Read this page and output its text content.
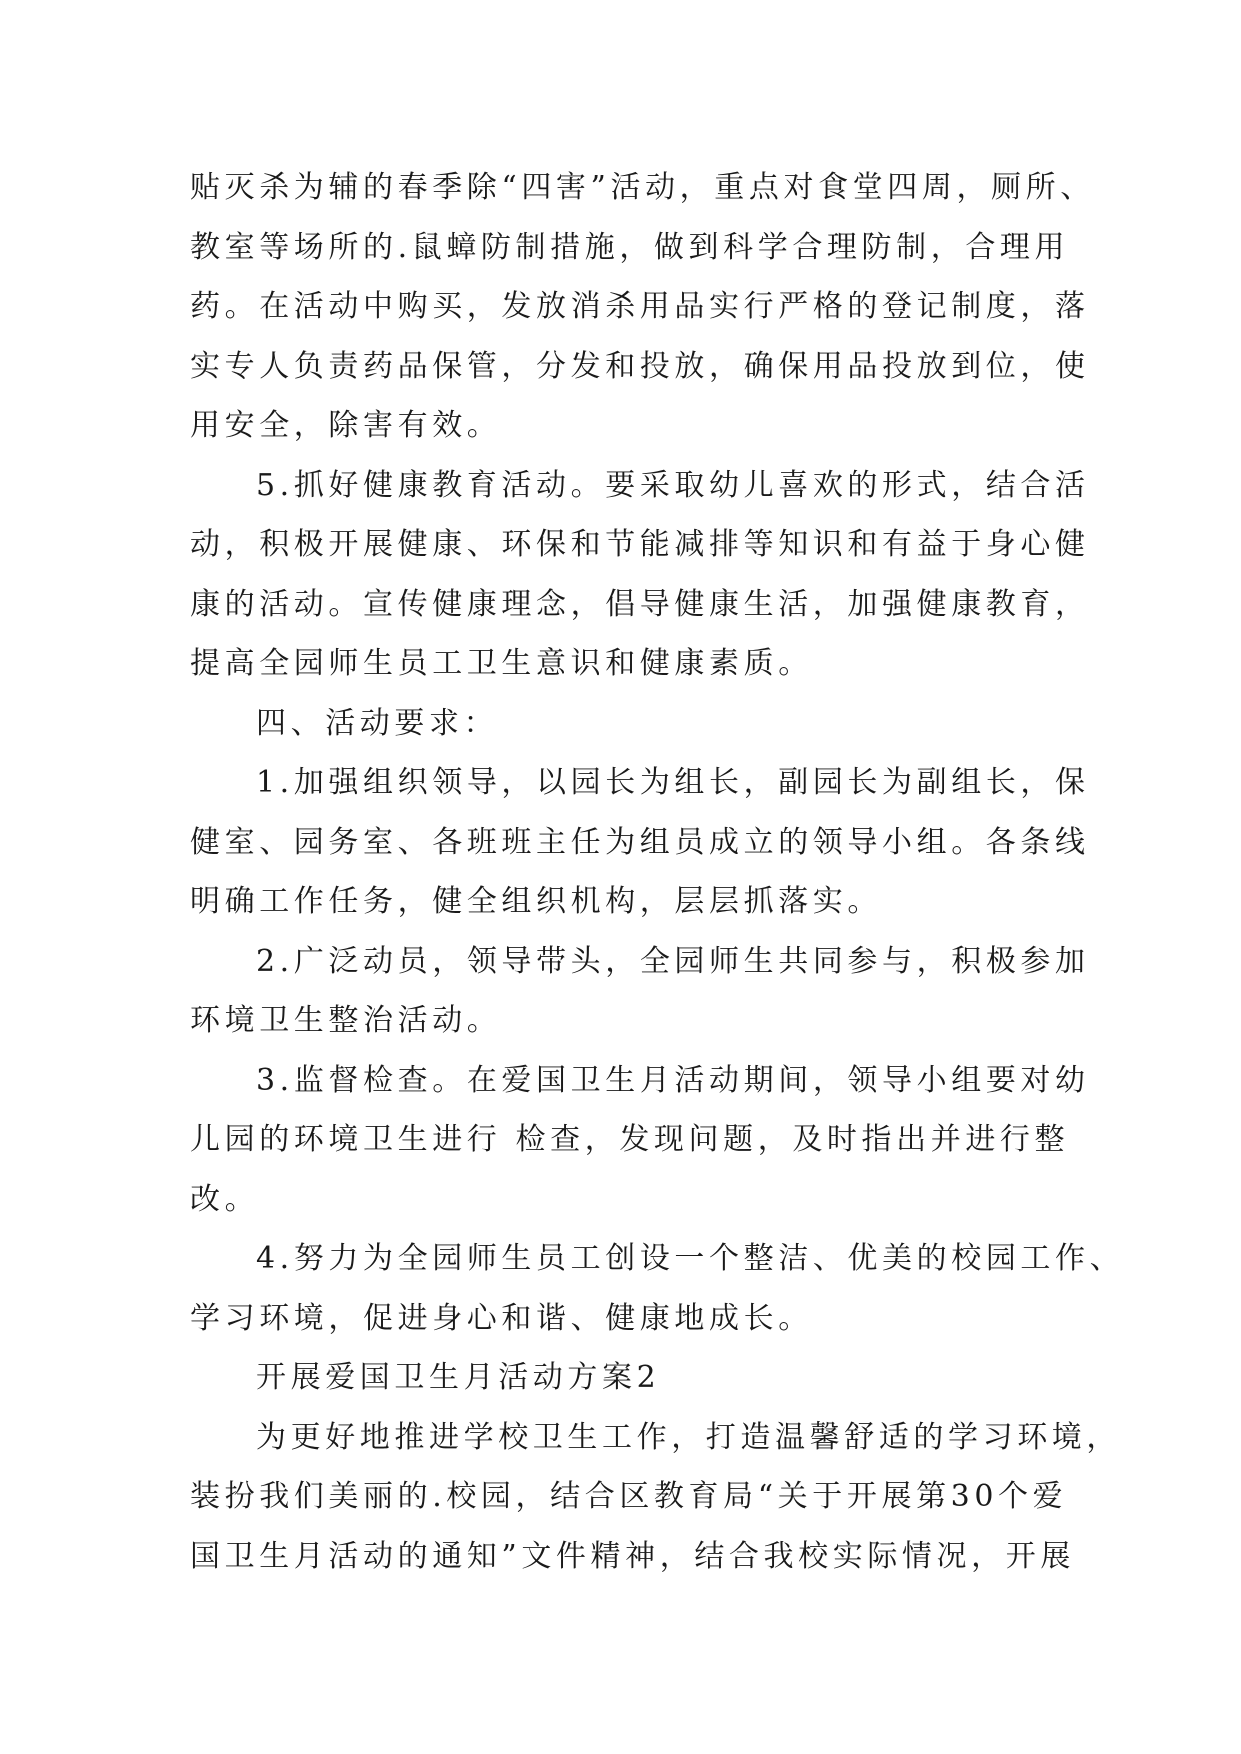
贴灭杀为辅的春季除“四害”活动，重点对食堂四周，厕所、
教室等场所的.鼠蟑防制措施，做到科学合理防制，合理用
药。在活动中购买，发放消杀用品实行严格的登记制度，落
实专人负责药品保管，分发和投放，确保用品投放到位，使
用安全，除害有效。
5.抓好健康教育活动。要采取幼儿喜欢的形式，结合活
动，积极开展健康、环保和节能减排等知识和有益于身心健
康的活动。宣传健康理念，倡导健康生活，加强健康教育，
提高全园师生员工卫生意识和健康素质。
四、活动要求：
1.加强组织领导，以园长为组长，副园长为副组长，保
健室、园务室、各班班主任为组员成立的领导小组。各条线
明确工作任务，健全组织机构，层层抓落实。
2.广泛动员，领导带头，全园师生共同参与，积极参加
环境卫生整治活动。
3.监督检查。在爱国卫生月活动期间，领导小组要对幼
儿园的环境卫生进行 检查，发现问题，及时指出并进行整
改。
4.努力为全园师生员工创设一个整洁、优美的校园工作、
学习环境，促进身心和谐、健康地成长。
开展爱国卫生月活动方案2
为更好地推进学校卫生工作，打造温馨舒适的学习环境，
装扮我们美丽的.校园，结合区教育局“关于开展第30个爱
国卫生月活动的通知”文件精神，结合我校实际情况，开展
